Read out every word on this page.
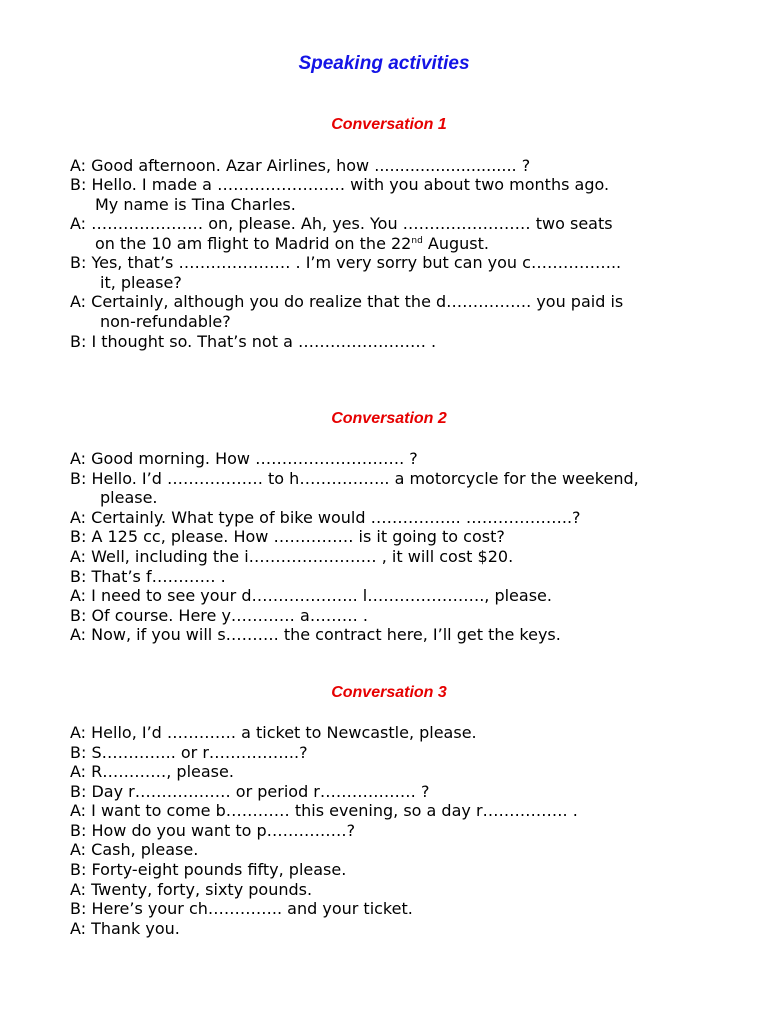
Speaking activities
Conversation 1
A: Good afternoon. Azar Airlines, how ............................ ?
B: Hello. I made a …………………… with you about two months ago.
My name is Tina Charles.
A: ………………… on, please. Ah, yes. You …………………… two seats
on the 10 am flight to Madrid on the 22nd August.
B: Yes, that’s ………………… . I’m very sorry but can you c……………..
it, please?
A: Certainly, although you do realize that the d……………. you paid is
non-refundable?
B: I thought so. That’s not a …………………… .
Conversation 2
A: Good morning. How ………………………. ?
B: Hello. I’d ……………… to h…………….. a motorcycle for the weekend,
please.
A: Certainly. What type of bike would …………….. ………………..?
B: A 125 cc, please. How …………… is it going to cost?
A: Well, including the i…………………… , it will cost $20.
B: That’s f………… .
A: I need to see your d……………….. l…………………., please.
B: Of course. Here y………… a……… .
A: Now, if you will s………. the contract here, I’ll get the keys.
Conversation 3
A: Hello, I’d …………. a ticket to Newcastle, please.
B: S………….. or r……………..?
A: R…………, please.
B: Day r……………… or period r……………… ?
A: I want to come b………… this evening, so a day r……………. .
B: How do you want to p……………?
A: Cash, please.
B: Forty-eight pounds fifty, please.
A: Twenty, forty, sixty pounds.
B: Here’s your ch………….. and your ticket.
A: Thank you.
